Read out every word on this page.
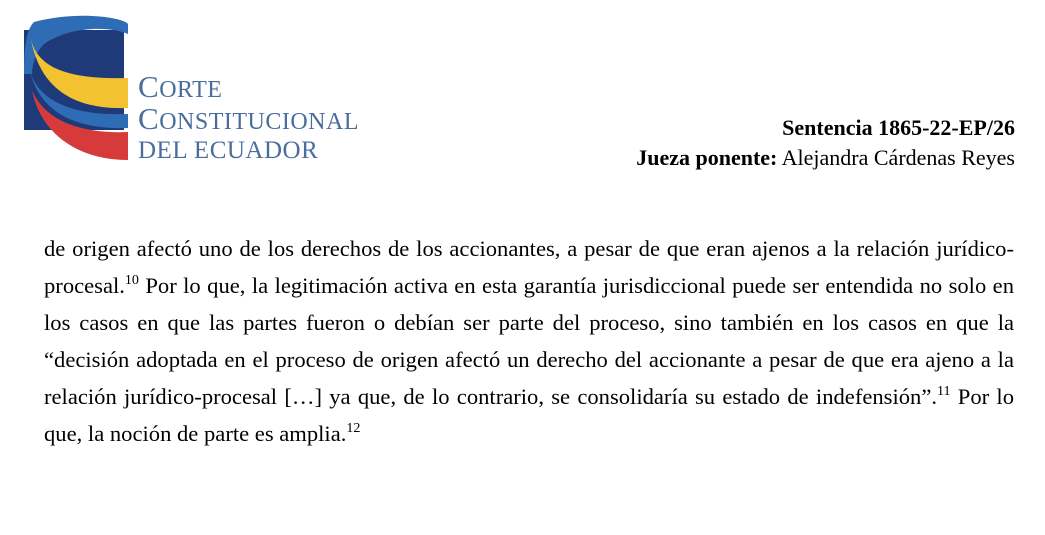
CORTE
CONSTITUCIONAL
DEL ECUADOR
Sentencia 1865-22-EP/26
Jueza ponente: Alejandra Cárdenas Reyes
de origen afectó uno de los derechos de los accionantes, a pesar de que eran ajenos a la relación jurídico-procesal.$^{10}$ Por lo que, la legitimación activa en esta garantía jurisdiccional puede ser entendida no solo en los casos en que las partes fueron o debían ser parte del proceso, sino también en los casos en que la “decisión adoptada en el proceso de origen afectó un derecho del accionante a pesar de que era ajeno a la relación jurídico-procesal […] ya que, de lo contrario, se consolidaría su estado de indefensión”.$^{11}$ Por lo que, la noción de parte es amplia.$^{12}$
